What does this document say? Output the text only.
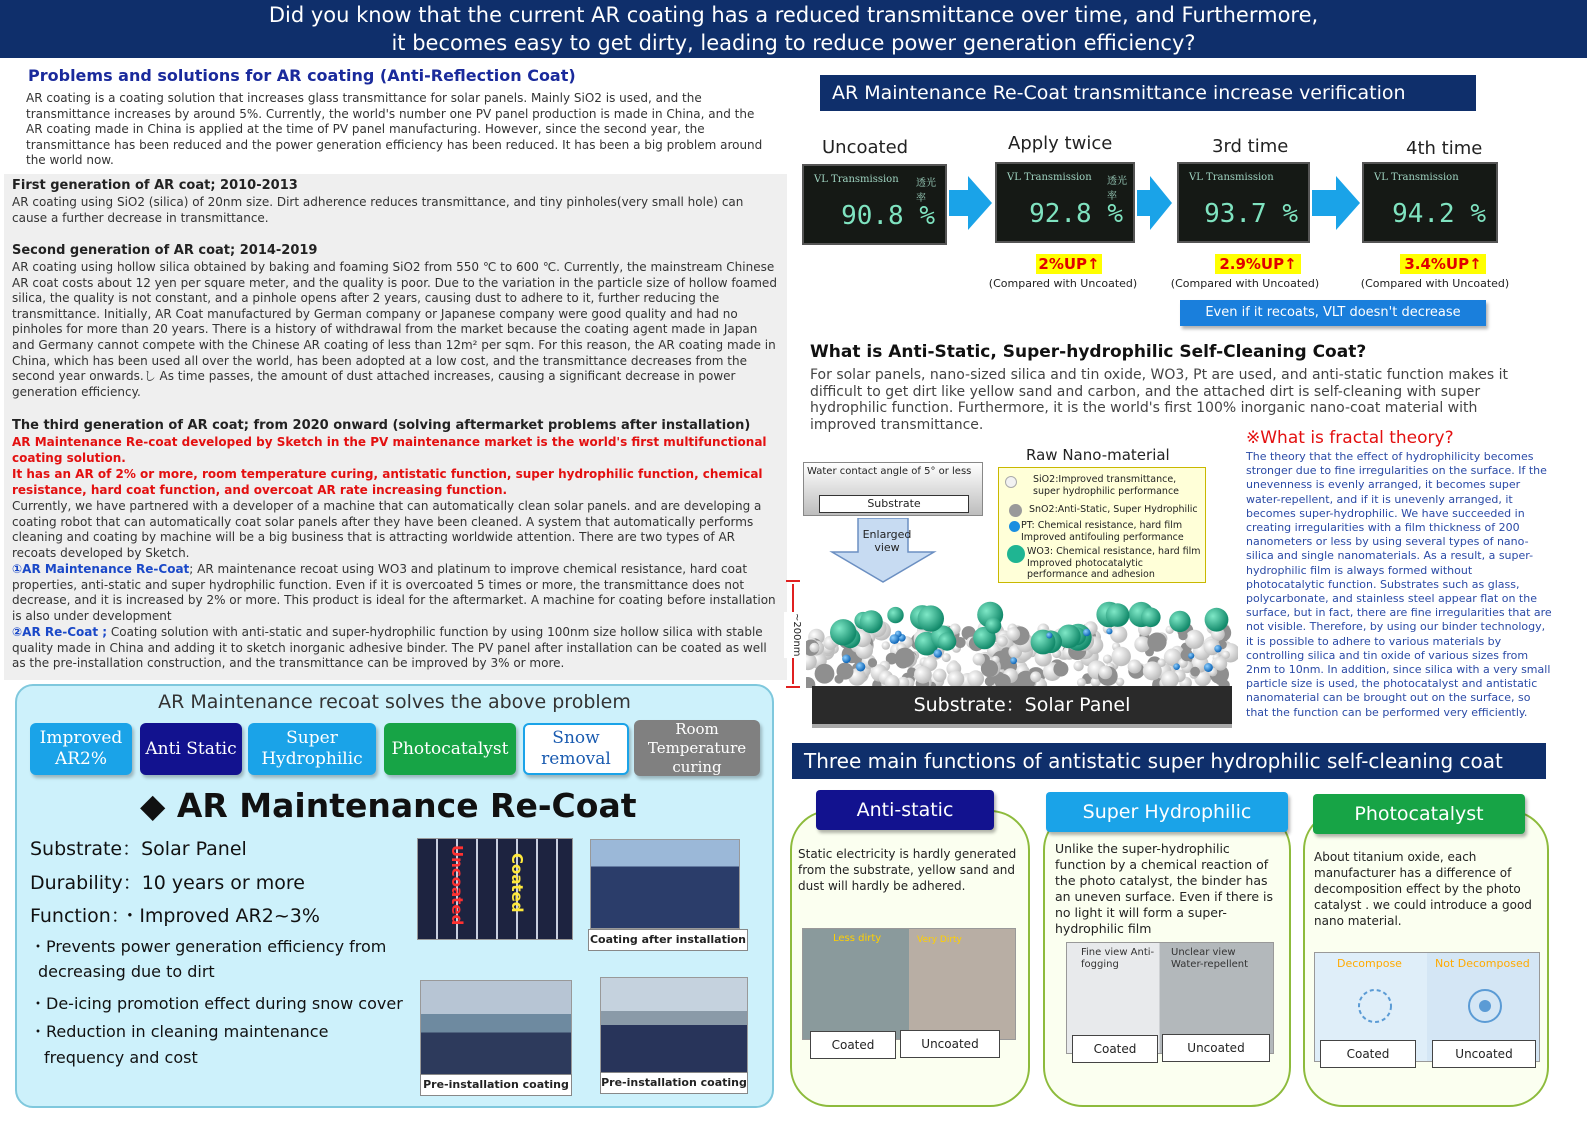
Did you know that the current AR coating has a reduced transmittance over time, and Furthermore,
it becomes easy to get dirty, leading to reduce power generation efficiency?
Problems and solutions for AR coating (Anti-Reflection Coat)
AR coating is a coating solution that increases glass transmittance for solar panels. Mainly SiO2 is used, and the transmittance increases by around 5%. Currently, the world's number one PV panel production is made in China, and the AR coating made in China is applied at the time of PV panel manufacturing. However, since the second year, the transmittance has been reduced and the power generation efficiency has been reduced. It has been a big problem around the world now.
First generation of AR coat; 2010-2013
AR coating using SiO2 (silica) of 20nm size. Dirt adherence reduces transmittance, and tiny pinholes(very small hole) can cause a further decrease in transmittance.
Second generation of AR coat; 2014-2019
AR coating using hollow silica obtained by baking and foaming SiO2 from 550 ℃ to 600 ℃. Currently, the mainstream Chinese AR coat costs about 12 yen per square meter, and the quality is poor. Due to the variation in the particle size of hollow foamed silica, the quality is not constant, and a pinhole opens after 2 years, causing dust to adhere to it, further reducing the transmittance. Initially, AR Coat manufactured by German company or Japanese company were good quality and had no pinholes for more than 20 years. There is a history of withdrawal from the market because the coating agent made in Japan and Germany cannot compete with the Chinese AR coating of less than 12m² per sqm. For this reason, the AR coating made in China, which has been used all over the world, has been adopted at a low cost, and the transmittance decreases from the second year onwards.し As time passes, the amount of dust attached increases, causing a significant decrease in power generation efficiency.
The third generation of AR coat; from 2020 onward (solving aftermarket problems after installation)
AR Maintenance Re-coat developed by Sketch in the PV maintenance market is the world's first multifunctional coating solution.
It has an AR of 2% or more, room temperature curing, antistatic function, super hydrophilic function, chemical resistance, hard coat function, and overcoat AR rate increasing function.
Currently, we have partnered with a developer of a machine that can automatically clean solar panels. and are developing a coating robot that can automatically coat solar panels after they have been cleaned. A system that automatically performs cleaning and coating by machine will be a big business that is attracting worldwide attention. There are two types of AR recoats developed by Sketch.
①AR Maintenance Re-Coat; AR maintenance recoat using WO3 and platinum to improve chemical resistance, hard coat properties, anti-static and super hydrophilic function. Even if it is overcoated 5 times or more, the transmittance does not decrease, and it is increased by 2% or more. This product is ideal for the aftermarket. A machine for coating before installation is also under development
②AR Re-Coat ; Coating solution with anti-static and super-hydrophilic function by using 100nm size hollow silica with stable quality made in China and adding it to sketch inorganic adhesive binder. The PV panel after installation can be coated as well as the pre-installation construction, and the transmittance can be improved by 3% or more.
AR Maintenance recoat solves the above problem
Improved AR2%
Anti Static
Super Hydrophilic
Photocatalyst
Snow removal
Room Temperature curing
◆ AR Maintenance Re-Coat
Substrate：Solar Panel
Durability：10 years or more
Function：・Improved AR2~3%
・Prevents power generation efficiency from
decreasing due to dirt
・De-icing promotion effect during snow cover
・Reduction in cleaning maintenance
frequency and cost
Uncoated	Coated
Coating after installation
Pre-installation coating	Pre-installation coating
AR Maintenance Re-Coat transmittance increase verification
Uncoated	Apply twice	3rd time	4th time
VL Transmission 透光率
90.8 %
VL Transmission 透光率
92.8 %
VL Transmission
93.7 %
VL Transmission
94.2 %
2%UP↑	2.9%UP↑	3.4%UP↑
(Compared with Uncoated)	(Compared with Uncoated)	(Compared with Uncoated)
Even if it recoats, VLT doesn't decrease
What is Anti-Static, Super-hydrophilic Self-Cleaning Coat?
For solar panels, nano-sized silica and tin oxide, WO3, Pt are used, and anti-static function makes it difficult to get dirt like yellow sand and carbon, and the attached dirt is self-cleaning with super hydrophilic function. Furthermore, it is the world's first 100% inorganic nano-coat material with improved transmittance.
Water contact angle of 5° or less
Substrate
Enlarged view
Raw Nano-material
SiO2:Improved transmittance, super hydrophilic performance
SnO2:Anti-Static, Super Hydrophilic
PT: Chemical resistance, hard film Improved antifouling performance
WO3: Chemical resistance, hard film Improved photocatalytic performance and adhesion
~200nm
Substrate：Solar Panel
※What is fractal theory?
The theory that the effect of hydrophilicity becomes stronger due to fine irregularities on the surface. If the unevenness is evenly arranged, it becomes super water-repellent, and if it is unevenly arranged, it becomes super-hydrophilic. We have succeeded in creating irregularities with a film thickness of 200 nanometers or less by using several types of nano-silica and single nanomaterials. As a result, a super-hydrophilic film is always formed without photocatalytic function. Substrates such as glass, polycarbonate, and stainless steel appear flat on the surface, but in fact, there are fine irregularities that are not visible. Therefore, by using our binder technology, it is possible to adhere to various materials by controlling silica and tin oxide of various sizes from 2nm to 10nm. In addition, since silica with a very small particle size is used, the photocatalyst and antistatic nanomaterial can be brought out on the surface, so that the function can be performed very efficiently.
Three main functions of antistatic super hydrophilic self-cleaning coat
Anti-static
Static electricity is hardly generated from the substrate, yellow sand and dust will hardly be adhered.
Less dirty	Very Dirty
Coated	Uncoated
Super Hydrophilic
Unlike the super-hydrophilic function by a chemical reaction of the photo catalyst, the binder has an uneven surface. Even if there is no light it will form a super-hydrophilic film
Fine view Anti-fogging
Unclear view Water-repellent
Coated	Uncoated
Photocatalyst
About titanium oxide, each manufacturer has a difference of decomposition effect by the photo catalyst . we could introduce a good nano material.
Decompose	Not Decomposed
Coated	Uncoated
